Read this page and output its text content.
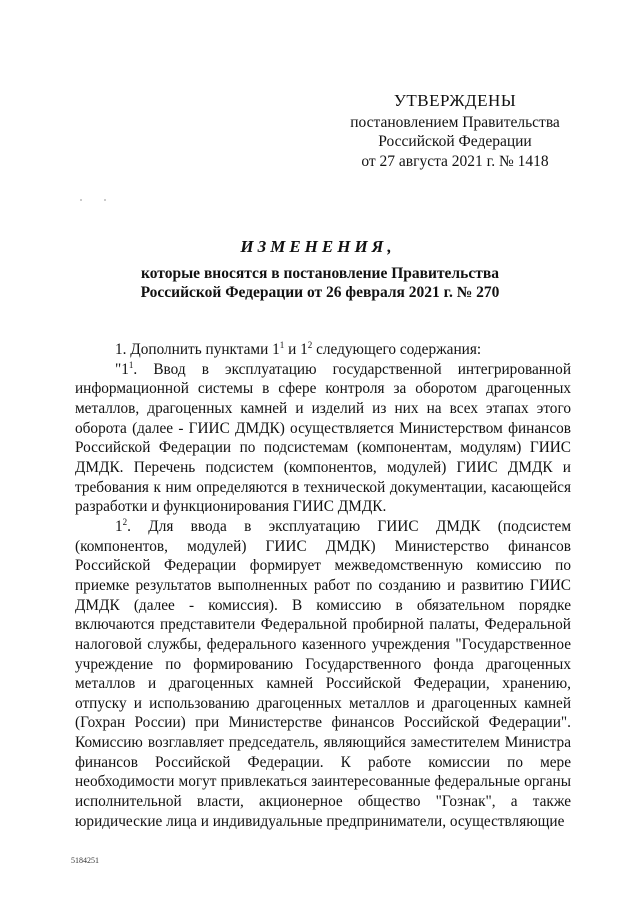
УТВЕРЖДЕНЫ
постановлением Правительства
Российской Федерации
от 27 августа 2021 г. № 1418
ИЗМЕНЕНИЯ,
которые вносятся в постановление Правительства
Российской Федерации от 26 февраля 2021 г. № 270

1. Дополнить пунктами $1^1$ и $1^2$ следующего содержания:

"$1^1$. Ввод в эксплуатацию государственной интегрированной информационной системы в сфере контроля за оборотом драгоценных металлов, драгоценных камней и изделий из них на всех этапах этого оборота (далее - ГИИС ДМДК) осуществляется Министерством финансов Российской Федерации по подсистемам (компонентам, модулям) ГИИС ДМДК. Перечень подсистем (компонентов, модулей) ГИИС ДМДК и требования к ним определяются в технической документации, касающейся разработки и функционирования ГИИС ДМДК.

$1^2$. Для ввода в эксплуатацию ГИИС ДМДК (подсистем (компонентов, модулей) ГИИС ДМДК) Министерство финансов Российской Федерации формирует межведомственную комиссию по приемке результатов выполненных работ по созданию и развитию ГИИС ДМДК (далее - комиссия). В комиссию в обязательном порядке включаются представители Федеральной пробирной палаты, Федеральной налоговой службы, федерального казенного учреждения "Государственное учреждение по формированию Государственного фонда драгоценных металлов и драгоценных камней Российской Федерации, хранению, отпуску и использованию драгоценных металлов и драгоценных камней (Гохран России) при Министерстве финансов Российской Федерации". Комиссию возглавляет председатель, являющийся заместителем Министра финансов Российской Федерации. К работе комиссии по мере необходимости могут привлекаться заинтересованные федеральные органы исполнительной власти, акционерное общество "Гознак", а также юридические лица и индивидуальные предприниматели, осуществляющие

5184251
